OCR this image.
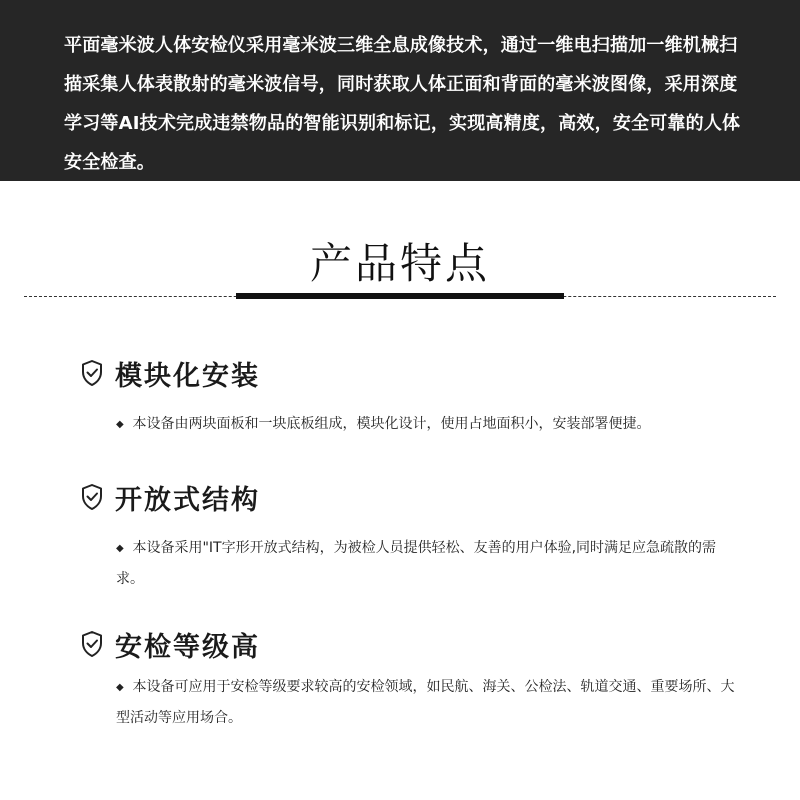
平面毫米波人体安检仪采用毫米波三维全息成像技术，通过一维电扫描加一维机械扫描采集人体表散射的毫米波信号，同时获取人体正面和背面的毫米波图像，采用深度学习等AI技术完成违禁物品的智能识别和标记，实现高精度，高效，安全可靠的人体安全检查。

产品特点
模块化安装

◆ 本设备由两块面板和一块底板组成，模块化设计，使用占地面积小，安装部署便捷。

开放式结构

◆ 本设备采用"IT字形开放式结构，为被检人员提供轻松、友善的用户体验,同时满足应急疏散的需求。

安检等级高

◆ 本设备可应用于安检等级要求较高的安检领域，如民航、海关、公检法、轨道交通、重要场所、大型活动等应用场合。
